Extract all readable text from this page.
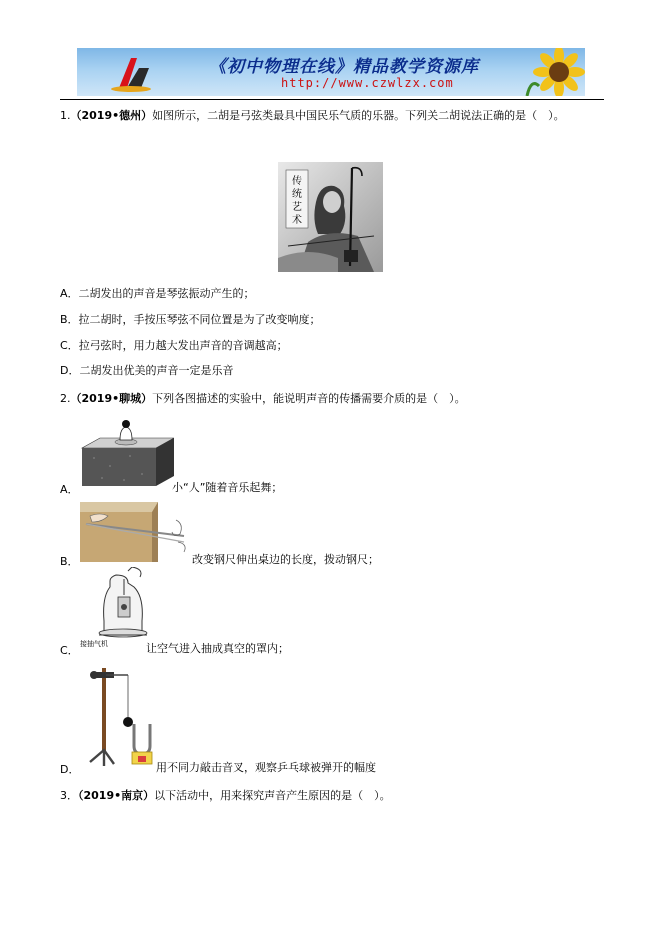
《初中物理在线》精品教学资源库
http://www.czwlzx.com
1.（2019•德州）如图所示，二胡是弓弦类最具中国民乐气质的乐器。下列关二胡说法正确的是（　）。
传
统
艺
术
A．二胡发出的声音是琴弦振动产生的；
B．拉二胡时，手按压琴弦不同位置是为了改变响度；
C．拉弓弦时，用力越大发出声音的音调越高；
D．二胡发出优美的声音一定是乐音
2.（2019•聊城）下列各图描述的实验中，能说明声音的传播需要介质的是（　）。
A．	小“人”随着音乐起舞；
B．	改变钢尺伸出桌边的长度，拨动钢尺；
接抽气机
C．	让空气进入抽成真空的罩内；
D．	用不同力敲击音叉，观察乒乓球被弹开的幅度
3．（2019•南京）以下活动中，用来探究声音产生原因的是（　）。
